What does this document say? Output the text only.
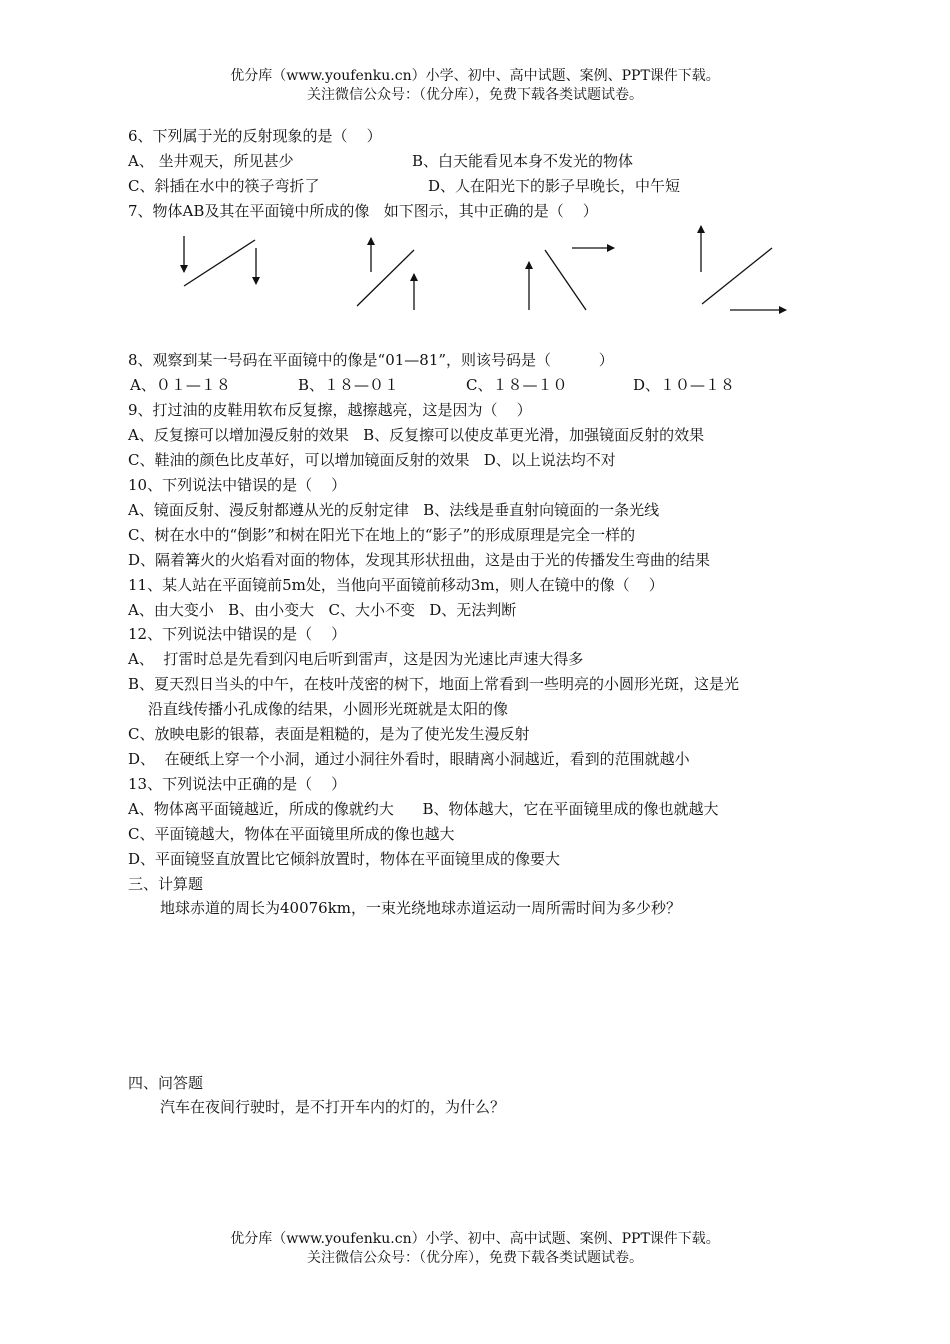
优分库（www.youfenku.cn）小学、初中、高中试题、案例、PPT课件下载。
关注微信公众号：（优分库），免费下载各类试题试卷。
6、下列属于光的反射现象的是（    ）
A、 坐井观天，所见甚少	B、白天能看见本身不发光的物体
C、斜插在水中的筷子弯折了	D、人在阳光下的影子早晚长，中午短
7、物体AB及其在平面镜中所成的像   如下图示，其中正确的是（    ）
8、观察到某一号码在平面镜中的像是“01—81”，则该号码是（          ）
A、０１—１８	B、１８—０１	C、１８—１０	D、１０—１８
9、打过油的皮鞋用软布反复擦，越擦越亮，这是因为（    ）
A、反复擦可以增加漫反射的效果   B、反复擦可以使皮革更光滑，加强镜面反射的效果
C、鞋油的颜色比皮革好，可以增加镜面反射的效果   D、以上说法均不对
10、下列说法中错误的是（    ）
A、镜面反射、漫反射都遵从光的反射定律   B、法线是垂直射向镜面的一条光线
C、树在水中的“倒影”和树在阳光下在地上的“影子”的形成原理是完全一样的
D、隔着篝火的火焰看对面的物体，发现其形状扭曲，这是由于光的传播发生弯曲的结果
11、某人站在平面镜前5m处，当他向平面镜前移动3m，则人在镜中的像（    ）
A、由大变小   B、由小变大   C、大小不变   D、无法判断
12、下列说法中错误的是（    ）
A、  打雷时总是先看到闪电后听到雷声，这是因为光速比声速大得多
B、夏天烈日当头的中午，在枝叶茂密的树下，地面上常看到一些明亮的小圆形光斑，这是光
沿直线传播小孔成像的结果，小圆形光斑就是太阳的像
C、放映电影的银幕，表面是粗糙的，是为了使光发生漫反射
D、  在硬纸上穿一个小洞，通过小洞往外看时，眼睛离小洞越近，看到的范围就越小
13、下列说法中正确的是（    ）
A、物体离平面镜越近，所成的像就约大      B、物体越大，它在平面镜里成的像也就越大
C、平面镜越大，物体在平面镜里所成的像也越大
D、平面镜竖直放置比它倾斜放置时，物体在平面镜里成的像要大
三、计算题
地球赤道的周长为40076km，一束光绕地球赤道运动一周所需时间为多少秒？
四、问答题
汽车在夜间行驶时，是不打开车内的灯的，为什么？
优分库（www.youfenku.cn）小学、初中、高中试题、案例、PPT课件下载。
关注微信公众号：（优分库），免费下载各类试题试卷。
